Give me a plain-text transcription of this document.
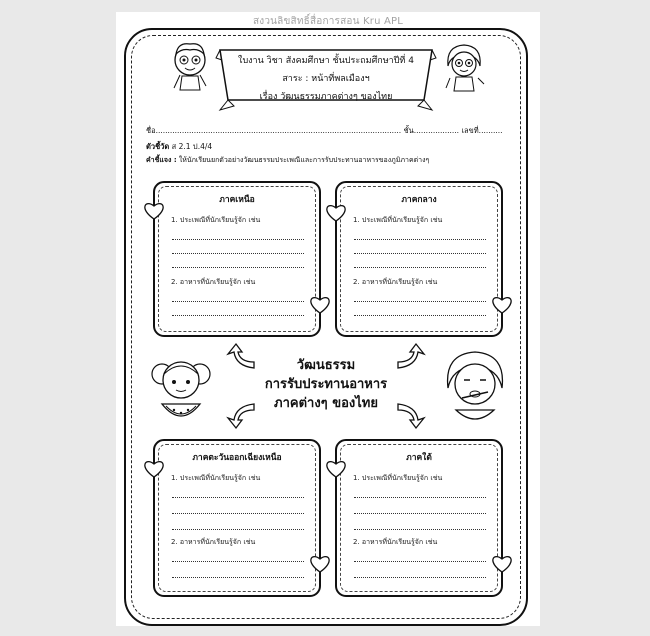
สงวนลิขสิทธิ์สื่อการสอน Kru APL
ใบงาน วิชา สังคมศึกษา ชั้นประถมศึกษาปีที่ 4
สาระ : หน้าที่พลเมืองฯ
เรื่อง วัฒนธรรมภาคต่างๆ ของไทย
ชื่อ....................................................................................................... ชั้น................... เลขที่..........
ตัวชี้วัด ส 2.1 ป.4/4
คำชี้แจง : ให้นักเรียนยกตัวอย่างวัฒนธรรมประเพณีและการรับประทานอาหารของภูมิภาคต่างๆ
ภาคเหนือ
1. ประเพณีที่นักเรียนรู้จัก เช่น
2. อาหารที่นักเรียนรู้จัก เช่น
ภาคกลาง
1. ประเพณีที่นักเรียนรู้จัก เช่น
2. อาหารที่นักเรียนรู้จัก เช่น
ภาคตะวันออกเฉียงเหนือ
1. ประเพณีที่นักเรียนรู้จัก เช่น
2. อาหารที่นักเรียนรู้จัก เช่น
ภาคใต้
1. ประเพณีที่นักเรียนรู้จัก เช่น
2. อาหารที่นักเรียนรู้จัก เช่น
วัฒนธรรม
การรับประทานอาหาร
ภาคต่างๆ ของไทย
